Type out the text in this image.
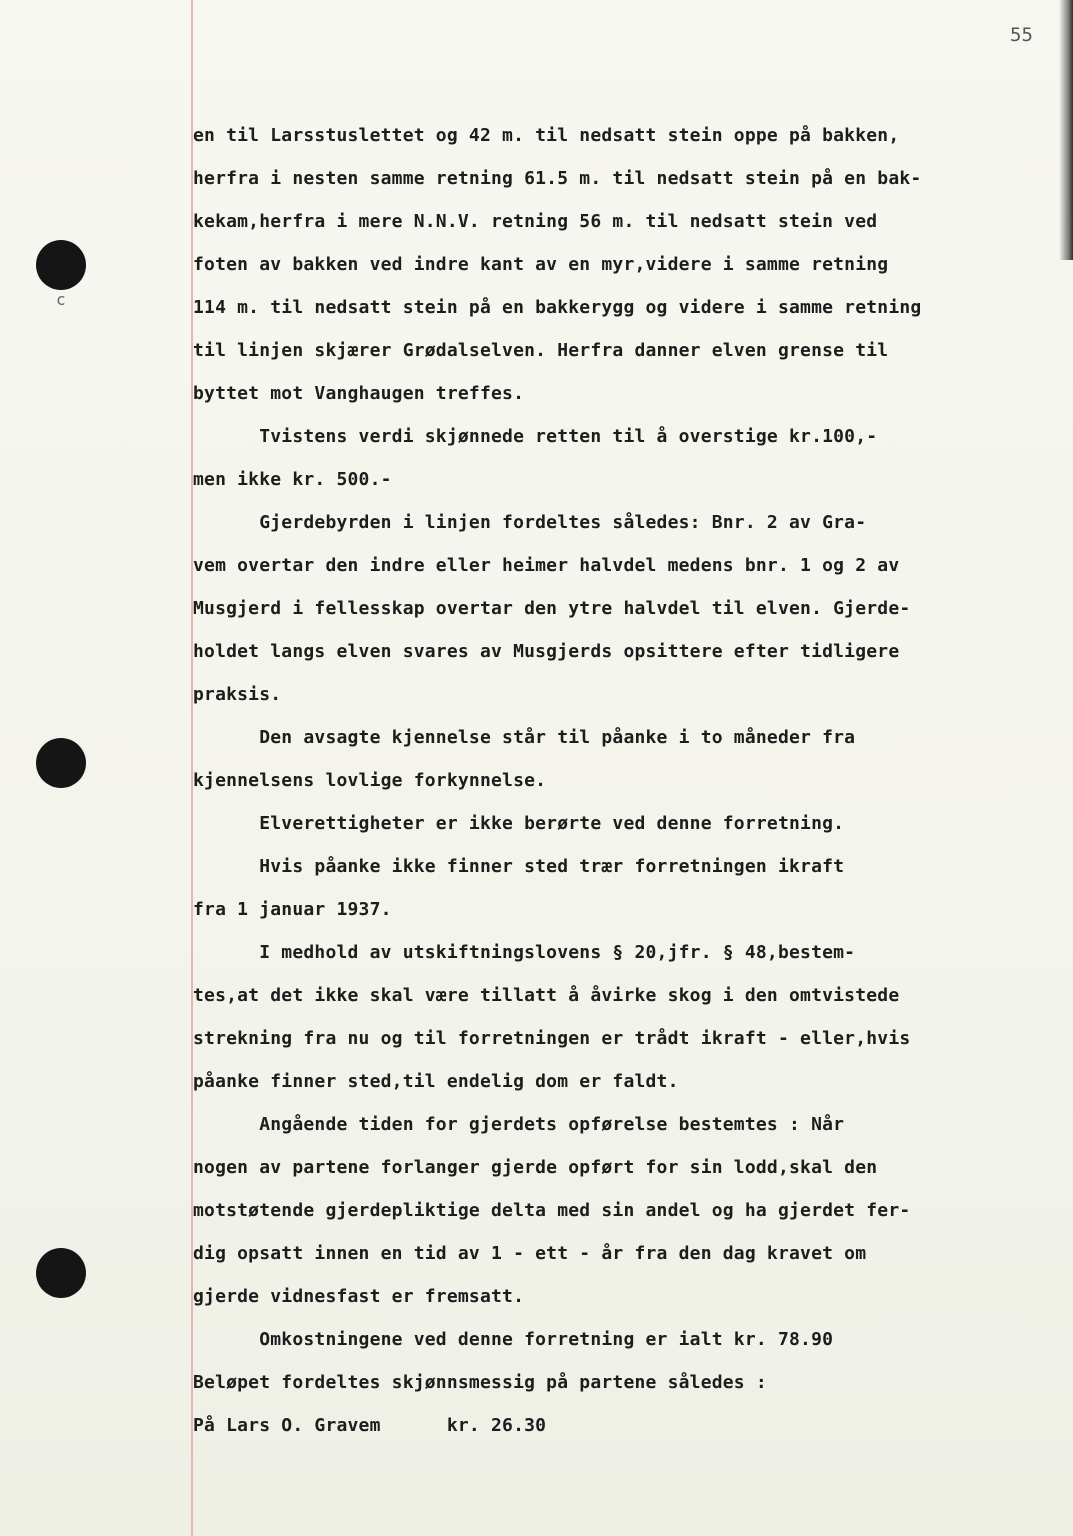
55
c
en til Larsstuslettet og 42 m. til nedsatt stein oppe på bakken,
herfra i nesten samme retning 61.5 m. til nedsatt stein på en bak-
kekam,herfra i mere N.N.V. retning 56 m. til nedsatt stein ved
foten av bakken ved indre kant av en myr,videre i samme retning
114 m. til nedsatt stein på en bakkerygg og videre i samme retning
til linjen skjærer Grødalselven. Herfra danner elven grense til
byttet mot Vanghaugen treffes.
Tvistens verdi skjønnede retten til å overstige kr.100,-
men ikke kr. 500.-
Gjerdebyrden i linjen fordeltes således: Bnr. 2 av Gra-
vem overtar den indre eller heimer halvdel medens bnr. 1 og 2 av
Musgjerd i fellesskap overtar den ytre halvdel til elven. Gjerde-
holdet langs elven svares av Musgjerds opsittere efter tidligere
praksis.
Den avsagte kjennelse står til påanke i to måneder fra
kjennelsens lovlige forkynnelse.
Elverettigheter er ikke berørte ved denne forretning.
Hvis påanke ikke finner sted trær forretningen ikraft
fra 1 januar 1937.
I medhold av utskiftningslovens § 20,jfr. § 48,bestem-
tes,at det ikke skal være tillatt å åvirke skog i den omtvistede
strekning fra nu og til forretningen er trådt ikraft - eller,hvis
påanke finner sted,til endelig dom er faldt.
Angående tiden for gjerdets opførelse bestemtes : Når
nogen av partene forlanger gjerde opført for sin lodd,skal den
motstøtende gjerdepliktige delta med sin andel og ha gjerdet fer-
dig opsatt innen en tid av 1 - ett - år fra den dag kravet om
gjerde vidnesfast er fremsatt.
Omkostningene ved denne forretning er ialt kr. 78.90
Beløpet fordeltes skjønnsmessig på partene således :
På Lars O. Gravem      kr. 26.30
